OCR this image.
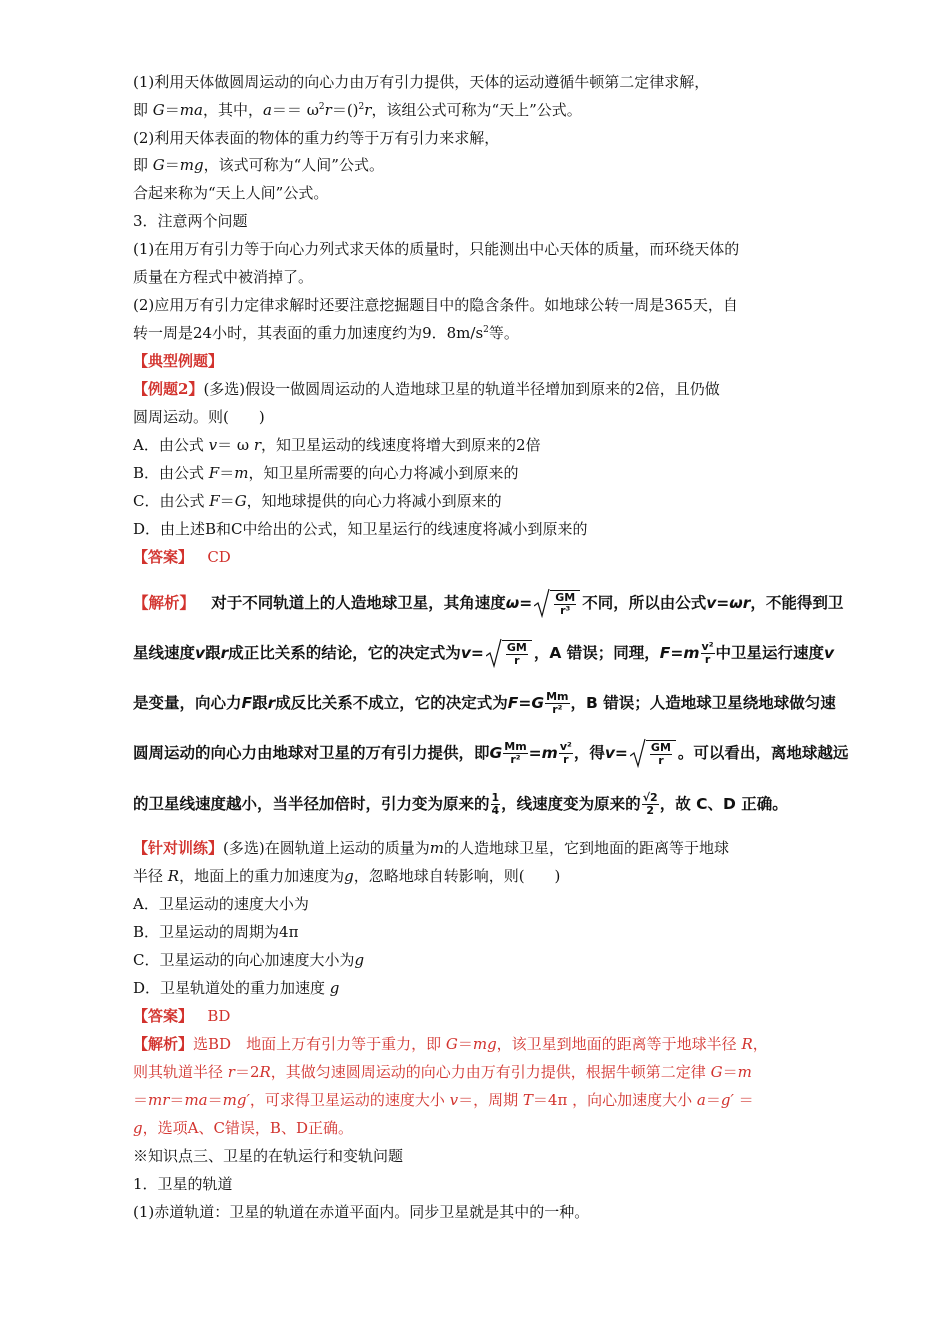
(1)利用天体做圆周运动的向心力由万有引力提供，天体的运动遵循牛顿第二定律求解，
即 G＝ma，其中，$a== \omega^2r=()^2r$，该组公式可称为“天上”公式。
(2)利用天体表面的物体的重力约等于万有引力来求解，
即 G＝mg，该式可称为“人间”公式。
合起来称为“天上人间”公式。
3．注意两个问题
(1)在用万有引力等于向心力列式求天体的质量时，只能测出中心天体的质量，而环绕天体的
质量在方程式中被消掉了。
(2)应用万有引力定律求解时还要注意挖掘题目中的隐含条件。如地球公转一周是365天，自
转一周是24小时，其表面的重力加速度约为9．$8m/s^2$等。
【典型例题】
【例题2】(多选)假设一做圆周运动的人造地球卫星的轨道半径增加到原来的2倍，且仍做
圆周运动。则(　　)
A．由公式 v＝ ω r，知卫星运动的线速度将增大到原来的2倍
B．由公式 F＝m，知卫星所需要的向心力将减小到原来的
C．由公式 F＝G，知地球提供的向心力将减小到原来的
D．由上述B和C中给出的公式，知卫星运行的线速度将减小到原来的
【答案】 CD
【解析】 对于不同轨道上的人造地球卫星，其角速度$\omega= \frac{GM}{\text{r³}}$ 不同，所以由公式v=ωr，不能得到卫
星线速度v跟r成正比关系的结论，它的决定式为$v= \frac{GM}{r}$ ，A 错误；同理，$F=m \frac{\text{v²}}{r}$ 中卫星运行速度v
是变量，向心力F跟r成反比关系不成立，它的决定式为$F=G \frac{Mm}{\text{r²}}$ ，B 错误；人造地球卫星绕地球做匀速
圆周运动的向心力由地球对卫星的万有引力提供，即G $\frac{Mm}{\text{r²}} =m \frac{\text{v²}}{r}$ ，得$v= \frac{GM}{r}$ 。可以看出，离地球越远
的卫星线速度越小，当半径加倍时，引力变为原来的 $\frac{1}{4}$ ，线速度变为原来的 $\frac{√2}{2}$ ，故 C、D 正确。
【针对训练】(多选)在圆轨道上运动的质量为m的人造地球卫星，它到地面的距离等于地球
半径 R，地面上的重力加速度为g，忽略地球自转影响，则(　　)
A．卫星运动的速度大小为
B．卫星运动的周期为4π
C．卫星运动的向心加速度大小为g
D．卫星轨道处的重力加速度 g
【答案】 BD
【解析】选BD　地面上万有引力等于重力，即 G＝mg，该卫星到地面的距离等于地球半径 R，
则其轨道半径 r＝2R，其做匀速圆周运动的向心力由万有引力提供，根据牛顿第二定律 G＝m
＝mr＝ma＝mg′，可求得卫星运动的速度大小 v＝，周期 T＝4π ，向心加速度大小 a＝g′ ＝
g，选项A、C错误，B、D正确。
※知识点三、卫星的在轨运行和变轨问题
1．卫星的轨道
(1)赤道轨道：卫星的轨道在赤道平面内。同步卫星就是其中的一种。
